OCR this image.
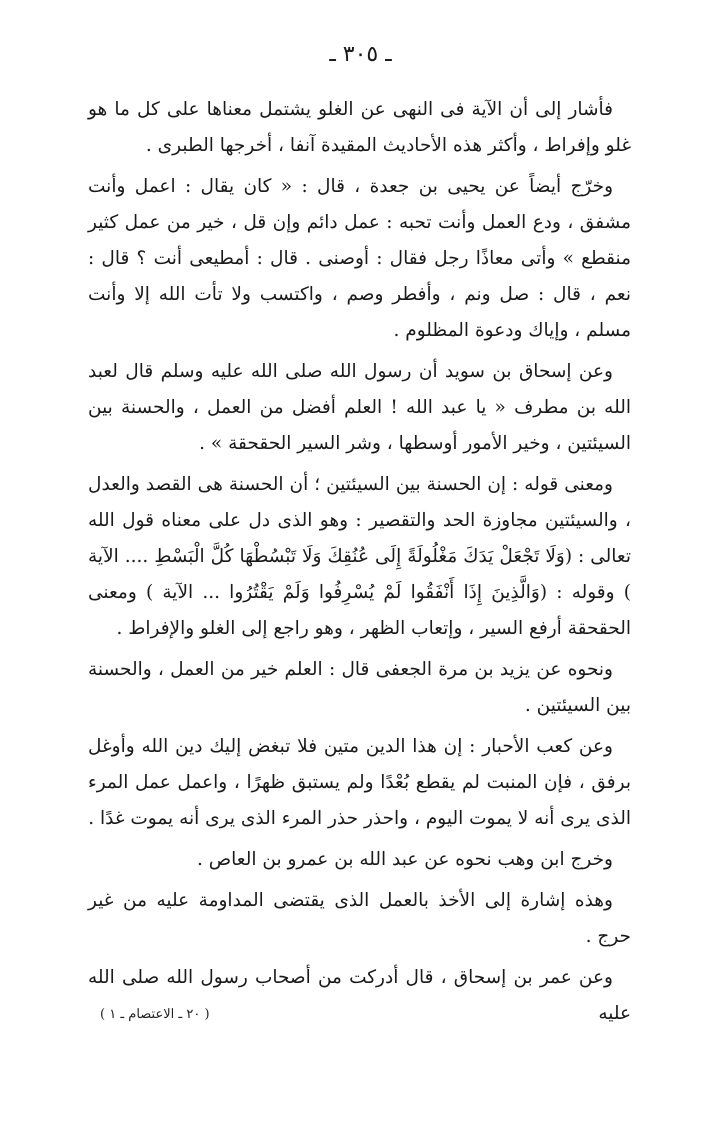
ـ ٣٠٥ ـ

فأشار إلى أن الآية فى النهى عن الغلو يشتمل معناها على كل ما هو غلو وإفراط ، وأكثر هذه الأحاديث المقيدة آنفا ، أخرجها الطبرى .

وخرّج أيضاً عن يحيى بن جعدة ، قال : « كان يقال : اعمل وأنت مشفق ، ودع العمل وأنت تحبه : عمل دائم وإن قل ، خير من عمل كثير منقطع » وأتى معاذًا رجل فقال : أوصنى . قال : أمطيعى أنت ؟ قال : نعم ، قال : صل ونم ، وأفطر وصم ، واكتسب ولا تأت الله إلا وأنت مسلم ، وإياك ودعوة المظلوم .

وعن إسحاق بن سويد أن رسول الله صلى الله عليه وسلم قال لعبد الله بن مطرف « يا عبد الله ! العلم أفضل من العمل ، والحسنة بين السيئتين ، وخير الأمور أوسطها ، وشر السير الحقحقة » .

ومعنى قوله : إن الحسنة بين السيئتين ؛ أن الحسنة هى القصد والعدل ، والسيئتين مجاوزة الحد والتقصير : وهو الذى دل على معناه قول الله تعالى : (وَلَا تَجْعَلْ يَدَكَ مَغْلُولَةً إِلَى عُنُقِكَ وَلَا تَبْسُطْهَا كُلَّ الْبَسْطِ .... الآية ) وقوله : (وَالَّذِينَ إِذَا أَنْفَقُوا لَمْ يُسْرِفُوا وَلَمْ يَقْتُرُوا ... الآية ) ومعنى الحقحقة أرفع السير ، وإتعاب الظهر ، وهو راجع إلى الغلو والإفراط .

ونحوه عن يزيد بن مرة الجعفى قال : العلم خير من العمل ، والحسنة بين السيئتين .

وعن كعب الأحبار : إن هذا الدين متين فلا تبغض إليك دين الله وأوغل برفق ، فإن المنبت لم يقطع بُعْدًا ولم يستبق ظهرًا ، واعمل عمل المرء الذى يرى أنه لا يموت اليوم ، واحذر حذر المرء الذى يرى أنه يموت غدًا .

وخرج ابن وهب نحوه عن عبد الله بن عمرو بن العاص .

وهذه إشارة إلى الأخذ بالعمل الذى يقتضى المداومة عليه من غير حرج .

وعن عمر بن إسحاق ، قال أدركت من أصحاب رسول الله صلى الله عليه

( ٢٠ ـ الاعتصام ـ ١ )
